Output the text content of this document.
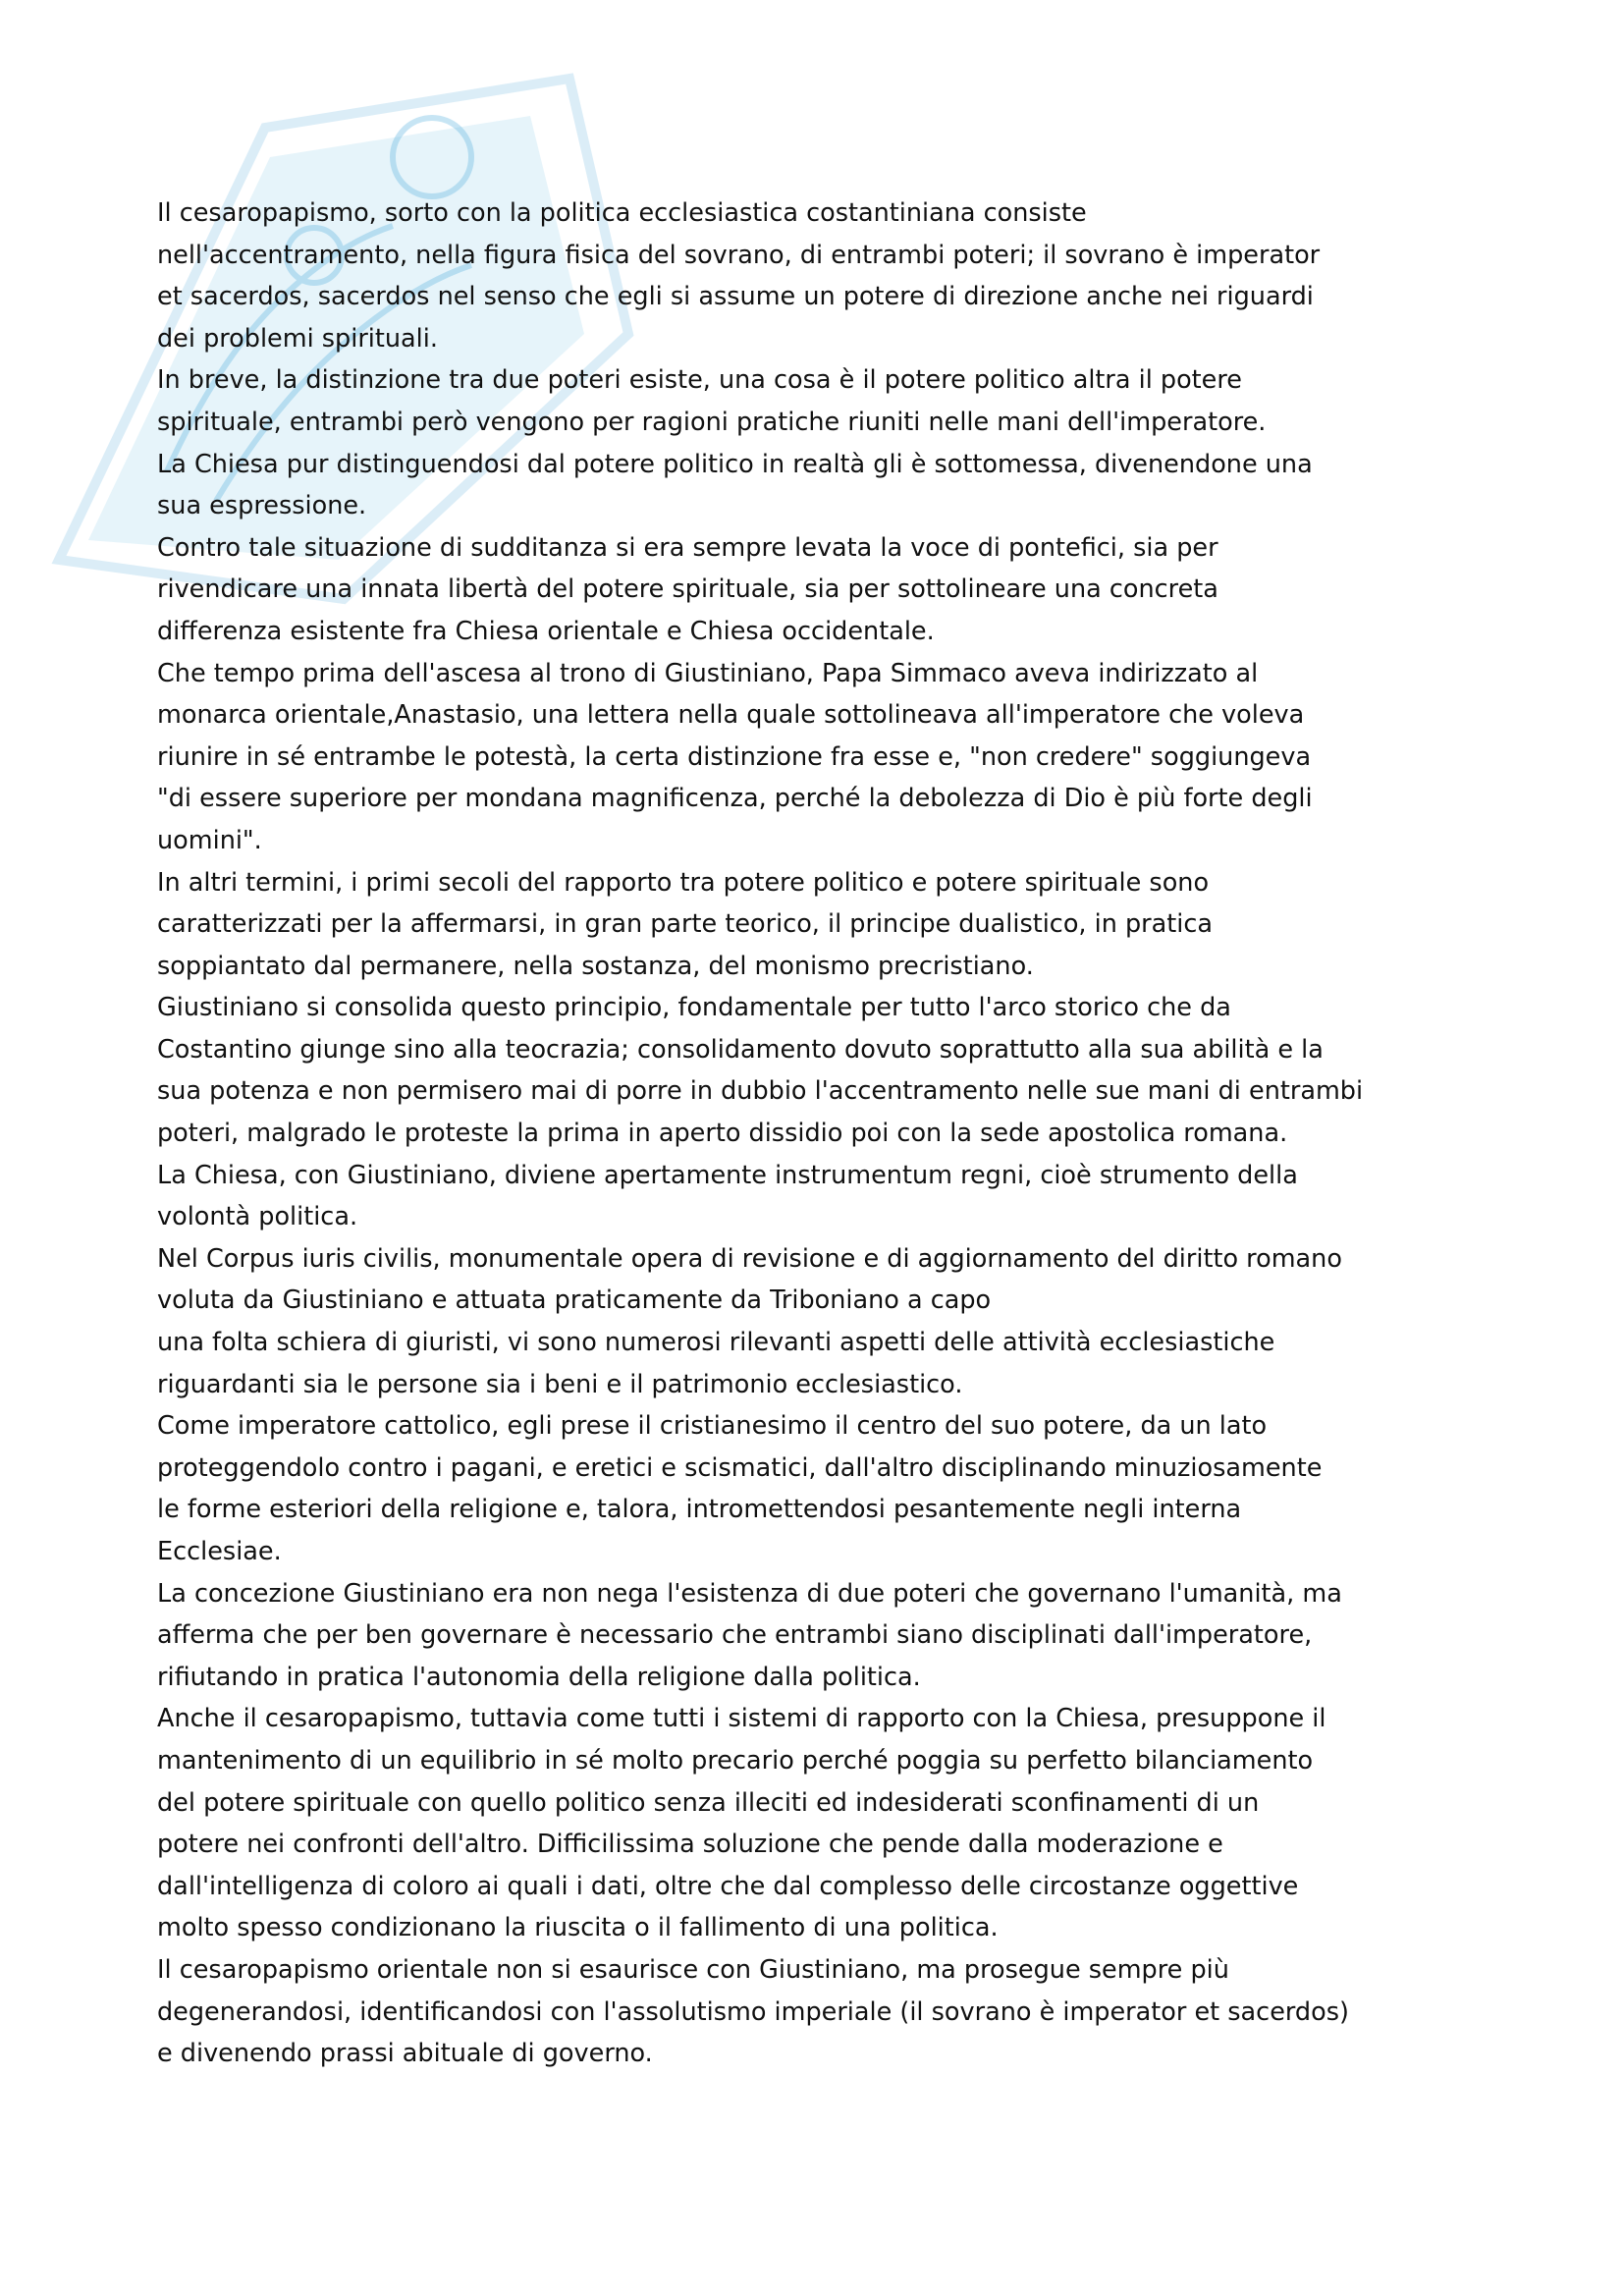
Il cesaropapismo, sorto con la politica ecclesiastica costantiniana consiste
nell'accentramento, nella figura fisica del sovrano, di entrambi poteri; il sovrano è imperator
et sacerdos, sacerdos nel senso che egli si assume un potere di direzione anche nei riguardi
dei problemi spirituali.
In breve, la distinzione tra due poteri esiste, una cosa è il potere politico altra il potere
spirituale, entrambi però vengono per ragioni pratiche riuniti nelle mani dell'imperatore.
La Chiesa pur distinguendosi dal potere politico in realtà gli è sottomessa, divenendone una
sua espressione.
Contro tale situazione di sudditanza si era sempre levata la voce di pontefici, sia per
rivendicare una innata libertà del potere spirituale, sia per sottolineare una concreta
differenza esistente fra Chiesa orientale e Chiesa occidentale.
Che tempo prima dell'ascesa al trono di Giustiniano, Papa Simmaco aveva indirizzato al
monarca orientale,Anastasio, una lettera nella quale sottolineava all'imperatore che voleva
riunire in sé entrambe le potestà, la certa distinzione fra esse e, "non credere" soggiungeva
"di essere superiore per mondana magnificenza, perché la debolezza di Dio è più forte degli
uomini".
In altri termini, i primi secoli del rapporto tra potere politico e potere spirituale sono
caratterizzati per la affermarsi, in gran parte teorico, il principe dualistico, in pratica
soppiantato dal permanere, nella sostanza, del monismo precristiano.
Giustiniano si consolida questo principio, fondamentale per tutto l'arco storico che da
Costantino giunge sino alla teocrazia; consolidamento dovuto soprattutto alla sua abilità e la
sua potenza e non permisero mai di porre in dubbio l'accentramento nelle sue mani di entrambi
poteri, malgrado le proteste la prima in aperto dissidio poi con la sede apostolica romana.
La Chiesa, con Giustiniano, diviene apertamente instrumentum regni, cioè strumento della
volontà politica.
Nel Corpus iuris civilis, monumentale opera di revisione e di aggiornamento del diritto romano
voluta da Giustiniano e attuata praticamente da Triboniano a capo
una folta schiera di giuristi, vi sono numerosi rilevanti aspetti delle attività ecclesiastiche
riguardanti sia le persone sia i beni e il patrimonio ecclesiastico.
Come imperatore cattolico, egli prese il cristianesimo il centro del suo potere, da un lato
proteggendolo contro i pagani, e eretici e scismatici, dall'altro disciplinando minuziosamente
le forme esteriori della religione e, talora, intromettendosi pesantemente negli interna
Ecclesiae.
La concezione Giustiniano era non nega l'esistenza di due poteri che governano l'umanità, ma
afferma che per ben governare è necessario che entrambi siano disciplinati dall'imperatore,
rifiutando in pratica l'autonomia della religione dalla politica.
Anche il cesaropapismo, tuttavia come tutti i sistemi di rapporto con la Chiesa, presuppone il
mantenimento di un equilibrio in sé molto precario perché poggia su perfetto bilanciamento
del potere spirituale con quello politico senza illeciti ed indesiderati sconfinamenti di un
potere nei confronti dell'altro. Difficilissima soluzione che pende dalla moderazione e
dall'intelligenza di coloro ai quali i dati, oltre che dal complesso delle circostanze oggettive
molto spesso condizionano la riuscita o il fallimento di una politica.
Il cesaropapismo orientale non si esaurisce con Giustiniano, ma prosegue sempre più
degenerandosi, identificandosi con l'assolutismo imperiale (il sovrano è imperator et sacerdos)
e divenendo prassi abituale di governo.
